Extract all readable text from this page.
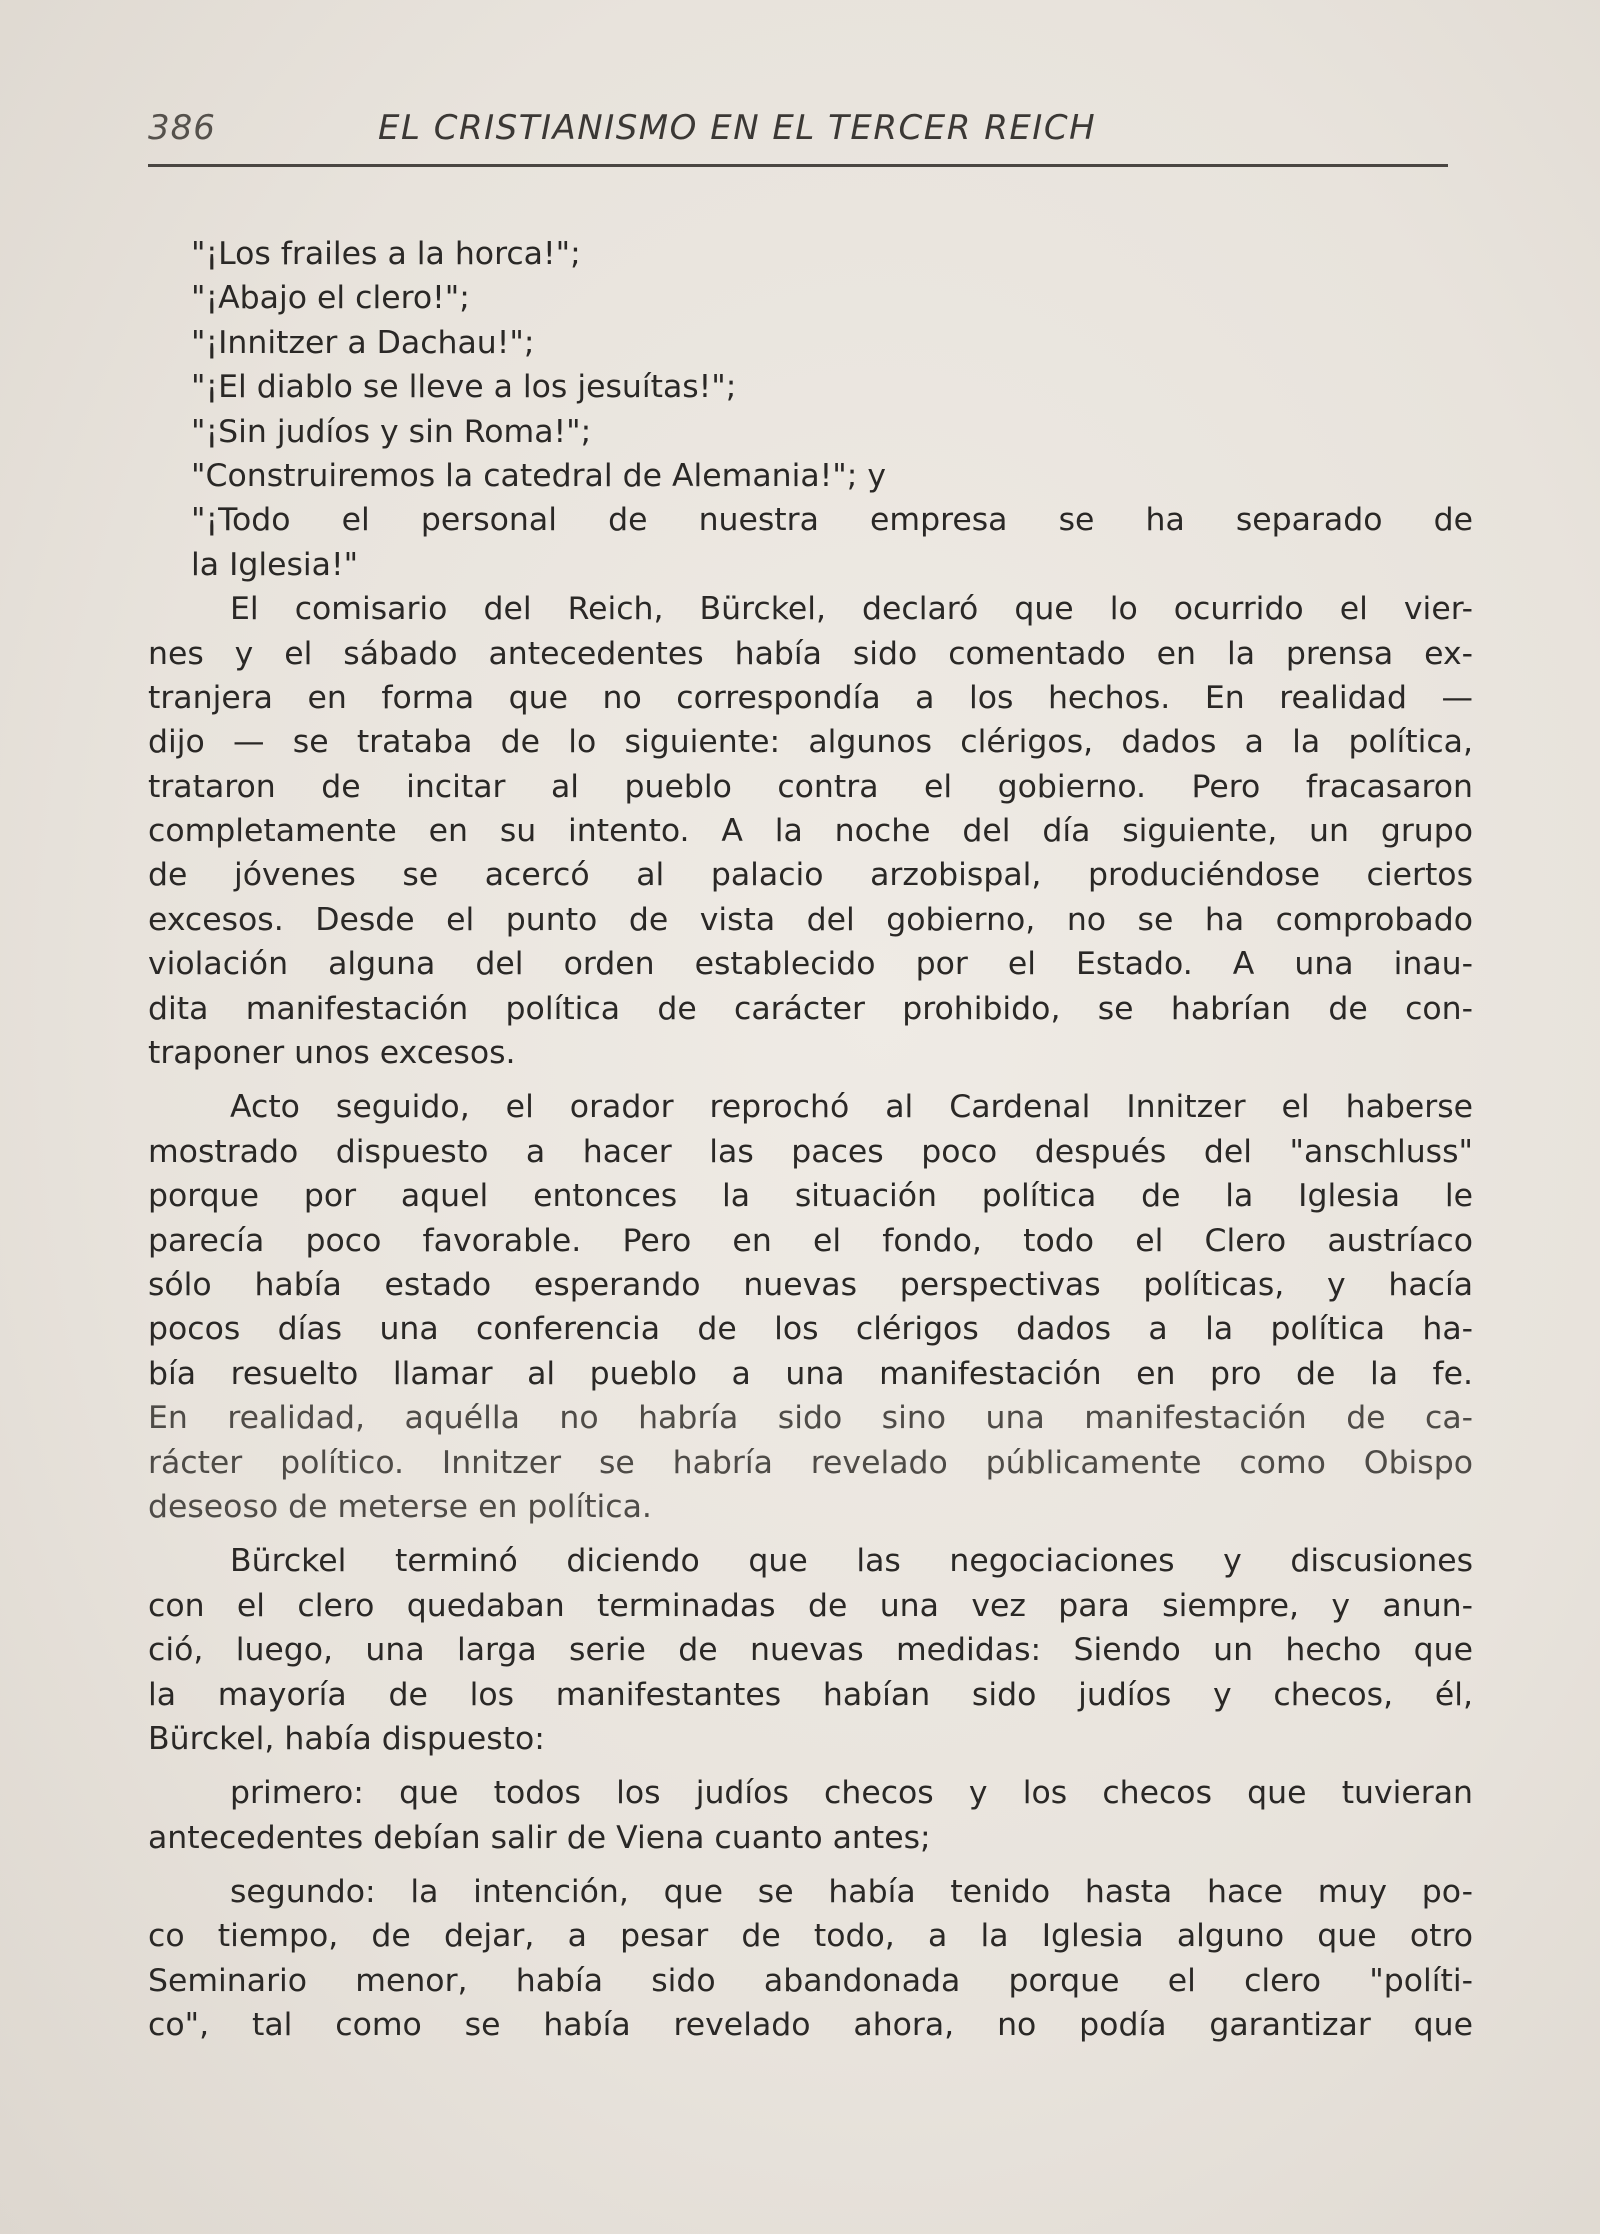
386	EL CRISTIANISMO EN EL TERCER REICH
"¡Los frailes a la horca!";
"¡Abajo el clero!";
"¡Innitzer a Dachau!";
"¡El diablo se lleve a los jesuítas!";
"¡Sin judíos y sin Roma!";
"Construiremos la catedral de Alemania!"; y
"¡Todo el personal de nuestra empresa se ha separado de
la Iglesia!"
El comisario del Reich, Bürckel, declaró que lo ocurrido el vier-
nes y el sábado antecedentes había sido comentado en la prensa ex-
tranjera en forma que no correspondía a los hechos. En realidad —
dijo — se trataba de lo siguiente: algunos clérigos, dados a la política,
trataron de incitar al pueblo contra el gobierno. Pero fracasaron
completamente en su intento. A la noche del día siguiente, un grupo
de jóvenes se acercó al palacio arzobispal, produciéndose ciertos
excesos. Desde el punto de vista del gobierno, no se ha comprobado
violación alguna del orden establecido por el Estado. A una inau-
dita manifestación política de carácter prohibido, se habrían de con-
traponer unos excesos.
Acto seguido, el orador reprochó al Cardenal Innitzer el haberse
mostrado dispuesto a hacer las paces poco después del "anschluss"
porque por aquel entonces la situación política de la Iglesia le
parecía poco favorable. Pero en el fondo, todo el Clero austríaco
sólo había estado esperando nuevas perspectivas políticas, y hacía
pocos días una conferencia de los clérigos dados a la política ha-
bía resuelto llamar al pueblo a una manifestación en pro de la fe.
En realidad, aquélla no habría sido sino una manifestación de ca-
rácter político. Innitzer se habría revelado públicamente como Obispo
deseoso de meterse en política.
Bürckel terminó diciendo que las negociaciones y discusiones
con el clero quedaban terminadas de una vez para siempre, y anun-
ció, luego, una larga serie de nuevas medidas: Siendo un hecho que
la mayoría de los manifestantes habían sido judíos y checos, él,
Bürckel, había dispuesto:
primero: que todos los judíos checos y los checos que tuvieran
antecedentes debían salir de Viena cuanto antes;
segundo: la intención, que se había tenido hasta hace muy po-
co tiempo, de dejar, a pesar de todo, a la Iglesia alguno que otro
Seminario menor, había sido abandonada porque el clero "políti-
co", tal como se había revelado ahora, no podía garantizar que
